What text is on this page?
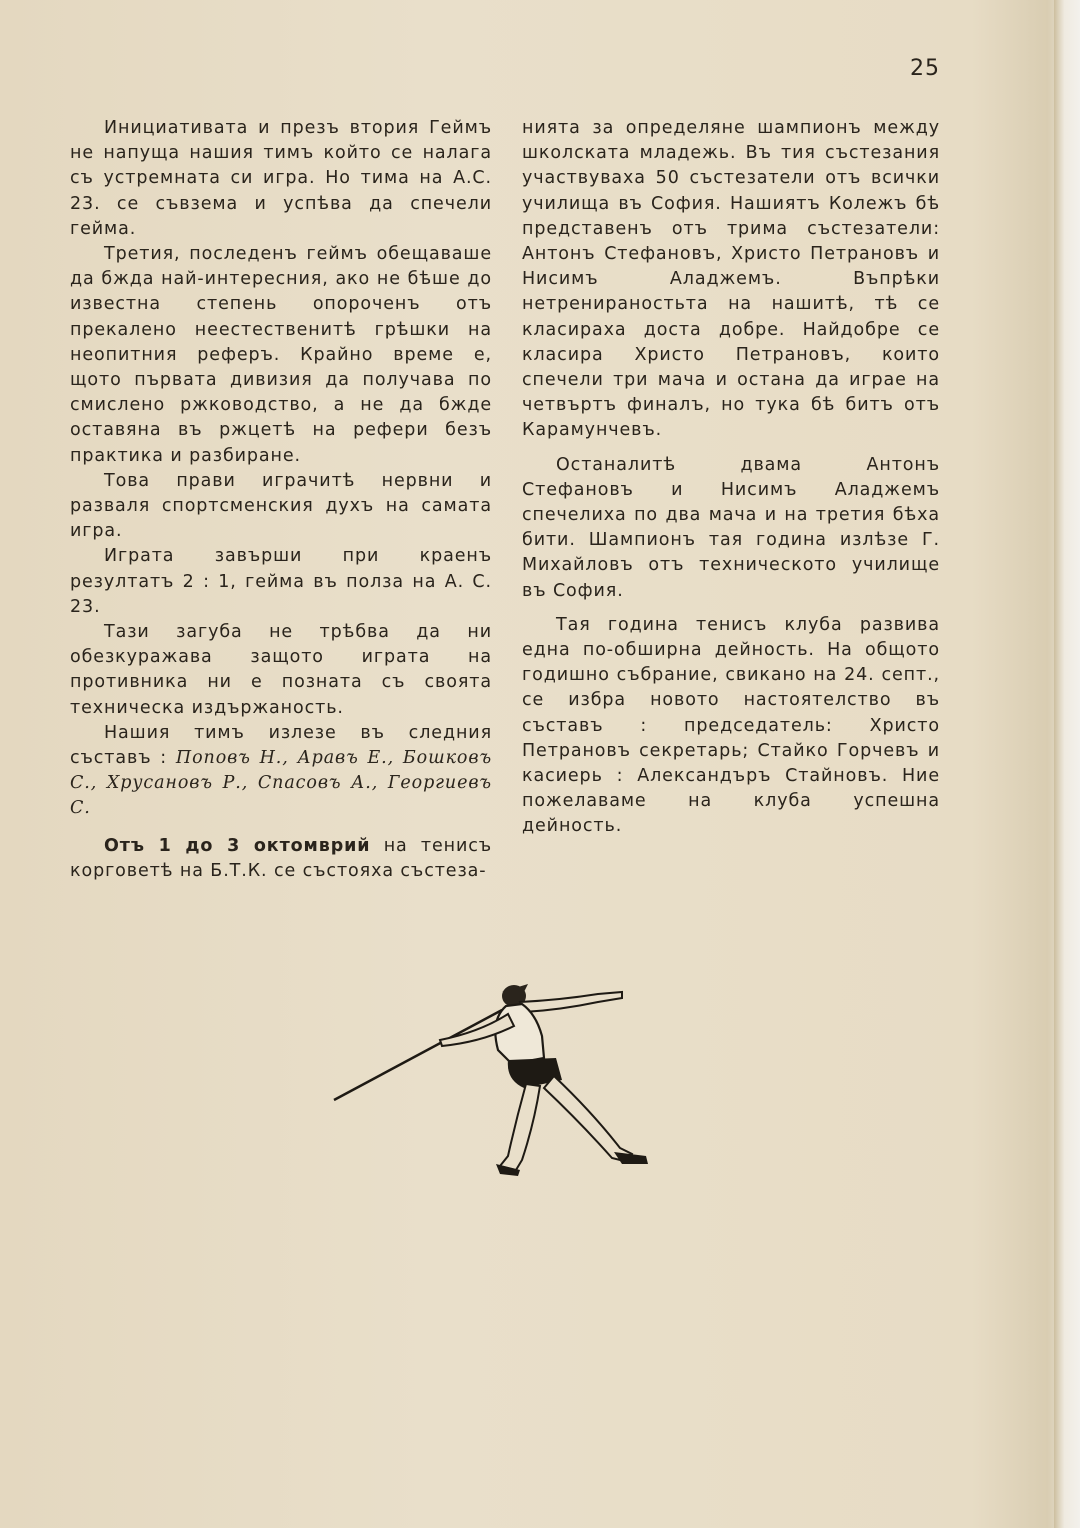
25

Инициативата и презъ втория Геймъ не напуща нашия тимъ който се налага съ устремната си игра. Но тима на А.С. 23. се съвзема и успѣва да спечели гейма.

Третия, последенъ геймъ обещаваше да бжда най-интересния, ако не бѣше до известна степень опороченъ отъ прекалено неестественитѣ грѣшки на неопитния реферъ. Крайно време е, щото първата дивизия да получава по смислено ржководство, а не да бжде оставяна въ ржцетѣ на рефери безъ практика и разбиране.

Това прави играчитѣ нервни и разваля спортсменския духъ на самата игра.

Играта завърши при краенъ резултатъ 2 : 1, гейма въ полза на А. С. 23.

Тази загуба не трѣбва да ни обезкуражава защото играта на противника ни е позната съ своята техническа издържаность.

Нашия тимъ излезе въ следния съставъ : Поповъ Н., Аравъ Е., Бошковъ С., Хрусановъ Р., Спасовъ А., Георгиевъ С.

Отъ 1 до 3 октомврий на тенисъ корговетѣ на Б.Т.К. се състояха състеза-

нията за определяне шампионъ между школската младежь. Въ тия състезания участвуваха 50 състезатели отъ всички училища въ София. Нашиятъ Колежъ бѣ представенъ отъ трима състезатели: Антонъ Стефановъ, Христо Петрановъ и Нисимъ Аладжемъ. Въпрѣки нетренираностьта на нашитѣ, тѣ се класираха доста добре. Найдобре се класира Христо Петрановъ, които спечели три мача и остана да играе на четвъртъ финалъ, но тука бѣ битъ отъ Карамунчевъ.

Останалитѣ двама Антонъ Стефановъ и Нисимъ Аладжемъ спечелиха по два мача и на третия бѣха бити. Шампионъ тая година излѣзе Г. Михайловъ отъ техническото училище въ София.

Тая година тенисъ клуба развива една по-обширна дейность. На общото годишно събрание, свикано на 24. септ., се избра новото настоятелство въ съставъ : председатель: Христо Петрановъ секретарь; Стайко Горчевъ и касиерь : Александъръ Стайновъ. Ние пожелаваме на клуба успешна дейность.
